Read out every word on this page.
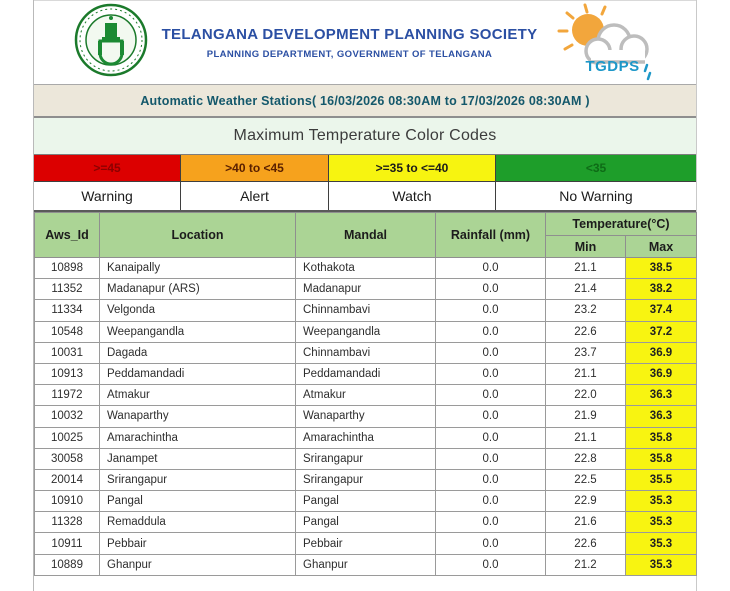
TELANGANA DEVELOPMENT PLANNING SOCIETY
PLANNING DEPARTMENT, GOVERNMENT OF TELANGANA
TGDPS
Automatic Weather Stations( 16/03/2026 08:30AM to 17/03/2026 08:30AM )
Maximum Temperature Color Codes
>=45	>40 to <45	>=35 to <=40	<35
Warning	Alert	Watch	No Warning
Aws_Id	Location	Mandal	Rainfall (mm)	Temperature(°C)	
				Min	Max
10898	Kanaipally	Kothakota	0.0	21.1	38.5
11352	Madanapur (ARS)	Madanapur	0.0	21.4	38.2
11334	Velgonda	Chinnambavi	0.0	23.2	37.4
10548	Weepangandla	Weepangandla	0.0	22.6	37.2
10031	Dagada	Chinnambavi	0.0	23.7	36.9
10913	Peddamandadi	Peddamandadi	0.0	21.1	36.9
11972	Atmakur	Atmakur	0.0	22.0	36.3
10032	Wanaparthy	Wanaparthy	0.0	21.9	36.3
10025	Amarachintha	Amarachintha	0.0	21.1	35.8
30058	Janampet	Srirangapur	0.0	22.8	35.8
20014	Srirangapur	Srirangapur	0.0	22.5	35.5
10910	Pangal	Pangal	0.0	22.9	35.3
11328	Remaddula	Pangal	0.0	21.6	35.3
10911	Pebbair	Pebbair	0.0	22.6	35.3
10889	Ghanpur	Ghanpur	0.0	21.2	35.3
